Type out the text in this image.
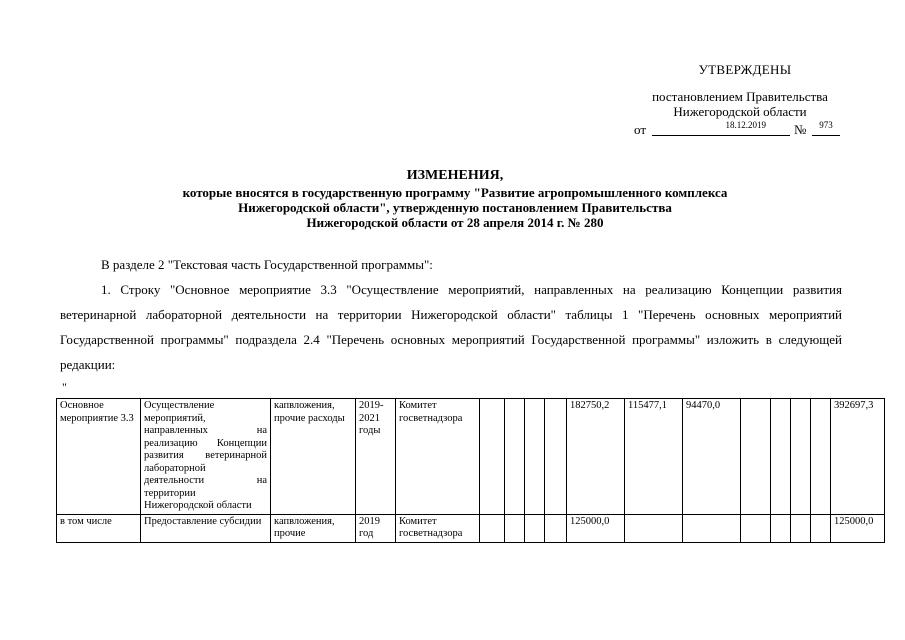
УТВЕРЖДЕНЫ
постановлением Правительства
Нижегородской области
от	18.12.2019	№	973
ИЗМЕНЕНИЯ,
которые вносятся в государственную программу "Развитие агропромышленного комплекса
Нижегородской области", утвержденную постановлением Правительства
Нижегородской области от 28 апреля 2014 г. № 280
В разделе 2 "Текстовая часть Государственной программы":
1. Строку "Основное мероприятие 3.3 "Осуществление мероприятий, направленных на реализацию Концепции развития ветеринарной лабораторной деятельности на территории Нижегородской области" таблицы 1 "Перечень основных мероприятий Государственной программы" подраздела 2.4 "Перечень основных мероприятий Государственной программы" изложить в следующей редакции:
"
Основное мероприятие 3.3	Осуществление мероприятий, направленных на реализацию Концепции развития ветеринарной лабораторной деятельности на территории Нижегородской области	капвложения, прочие расходы	2019-2021 годы	Комитет госветнадзора					182750,2	115477,1	94470,0					392697,3
в том числе	Предоставление субсидии	капвложения, прочие	2019 год	Комитет госветнадзора					125000,0							125000,0
